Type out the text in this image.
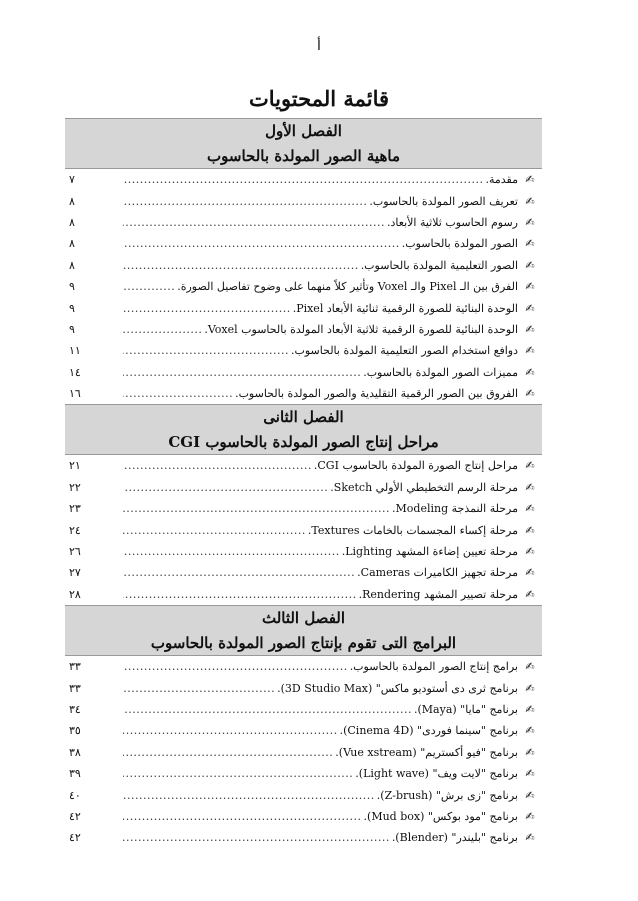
أ
قائمة المحتويات
الفصل الأول
ماهية الصور المولدة بالحاسوب
✍
مقدمة.
.....
٧
✍
تعريف الصور المولدة بالحاسوب.
.....
٨
✍
رسوم الحاسوب ثلاثية الأبعاد.
.....
٨
✍
الصور المولدة بالحاسوب.
.....
٨
✍
الصور التعليمية المولدة بالحاسوب.
.....
٨
✍
الفرق بين الـ Pixel والـ Voxel وتأثير كلاً منهما على وضوح تفاصيل الصورة.
.....
٩
✍
الوحدة البنائية للصورة الرقمية ثنائية الأبعاد Pixel.
.....
٩
✍
الوحدة البنائية للصورة الرقمية ثلاثية الأبعاد المولدة بالحاسوب Voxel.
.....
٩
✍
دوافع استخدام الصور التعليمية المولدة بالحاسوب.
.....
١١
✍
مميزات الصور المولدة بالحاسوب.
.....
١٤
✍
الفروق بين الصور الرقمية التقليدية والصور المولدة بالحاسوب.
.....
١٦
الفصل الثانى
مراحل إنتاج الصور المولدة بالحاسوب CGI
✍
مراحل إنتاج الصورة المولدة بالحاسوب CGI.
.....
٢١
✍
مرحلة الرسم التخطيطي الأولي Sketch.
.....
٢٢
✍
مرحلة النمذجة Modeling.
.....
٢٣
✍
مرحلة إكساء المجسمات بالخامات Textures.
.....
٢٤
✍
مرحلة تعيين إضاءة المشهد Lighting.
.....
٢٦
✍
مرحلة تجهيز الكاميرات Cameras.
.....
٢٧
✍
مرحلة تصيير المشهد Rendering.
.....
٢٨
الفصل الثالث
البرامج التى تقوم بإنتاج الصور المولدة بالحاسوب
✍
برامج إنتاج الصور المولدة بالحاسوب.
.....
٣٣
✍
برنامج ثرى دى أستوديو ماكس" (3D Studio Max).
.....
٣٣
✍
برنامج "مايا" (Maya).
.....
٣٤
✍
برنامج "سينما فوردى" (Cinema 4D).
.....
٣٥
✍
برنامج "فيو أكستريم" (Vue xstream).
.....
٣٨
✍
برنامج "لايت ويف" (Light wave).
.....
٣٩
✍
برنامج "زى برش" (Z-brush).
.....
٤٠
✍
برنامج "مود بوكس" (Mud box).
.....
٤٢
✍
برنامج "بليندر" (Blender).
.....
٤٢
